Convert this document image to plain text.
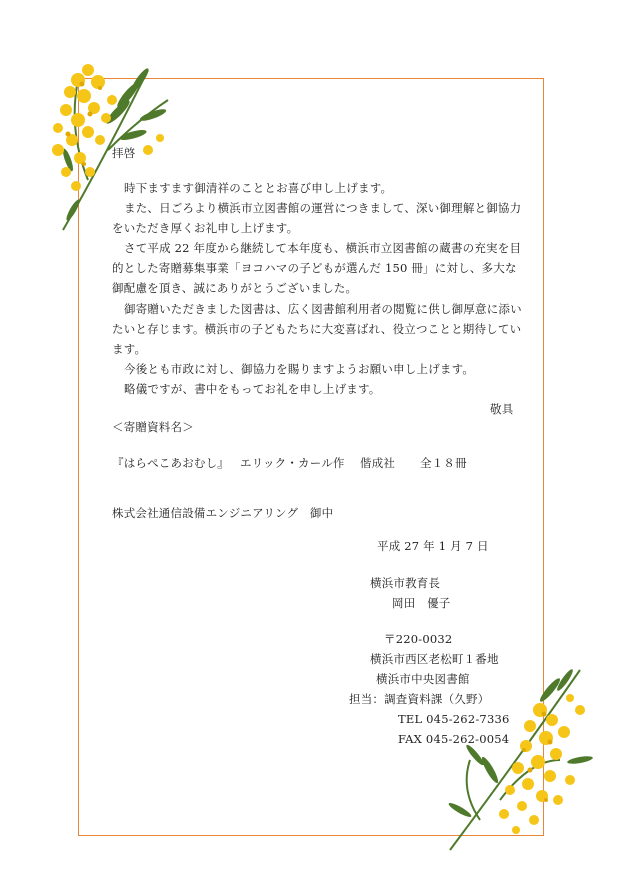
拝啓
時下ますます御清祥のこととお喜び申し上げます。
また、日ごろより横浜市立図書館の運営につきまして、深い御理解と御協力
をいただき厚くお礼申し上げます。
さて平成 22 年度から継続して本年度も、横浜市立図書館の蔵書の充実を目
的とした寄贈募集事業「ヨコハマの子どもが選んだ 150 冊」に対し、多大な
御配慮を頂き、誠にありがとうございました。
御寄贈いただきました図書は、広く図書館利用者の閲覧に供し御厚意に添い
たいと存じます。横浜市の子どもたちに大変喜ばれ、役立つことと期待してい
ます。
今後とも市政に対し、御協力を賜りますようお願い申し上げます。
略儀ですが、書中をもってお礼を申し上げます。
敬具
＜寄贈資料名＞
『はらぺこあおむし』 エリック・カール作 偕成社 全１８冊
株式会社通信設備エンジニアリング　御中
平成 27 年 1 月 7 日
横浜市教育長
岡田　優子
〒220-0032
横浜市西区老松町１番地
横浜市中央図書館
担当：調査資料課（久野）
TEL 045-262-7336
FAX 045-262-0054
